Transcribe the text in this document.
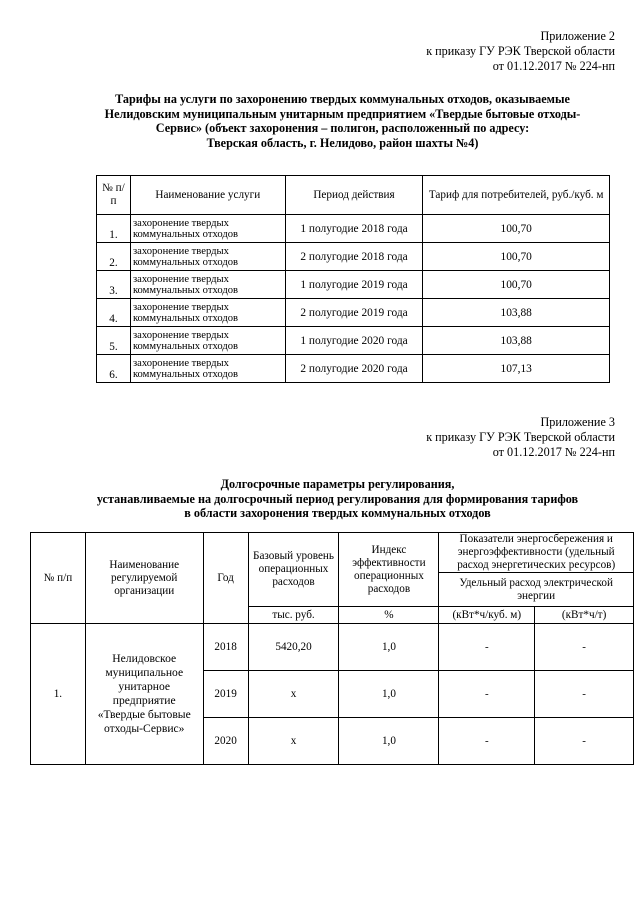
Приложение 2
к приказу ГУ РЭК Тверской области
от 01.12.2017 № 224-нп
Тарифы на услуги по захоронению твердых коммунальных отходов, оказываемые
Нелидовским муниципальным унитарным предприятием «Твердые бытовые отходы-
Сервис» (объект захоронения – полигон, расположенный по адресу:
Тверская область, г. Нелидово, район шахты №4)
№ п/п	Наименование услуги	Период действия	Тариф для потребителей, руб./куб. м
1.	захоронение твердых коммунальных отходов	1 полугодие 2018 года	100,70
2.	захоронение твердых коммунальных отходов	2 полугодие 2018 года	100,70
3.	захоронение твердых коммунальных отходов	1 полугодие 2019 года	100,70
4.	захоронение твердых коммунальных отходов	2 полугодие 2019 года	103,88
5.	захоронение твердых коммунальных отходов	1 полугодие 2020 года	103,88
6.	захоронение твердых коммунальных отходов	2 полугодие 2020 года	107,13
Приложение 3
к приказу ГУ РЭК Тверской области
от 01.12.2017 № 224-нп
Долгосрочные параметры регулирования,
устанавливаемые на долгосрочный период регулирования для формирования тарифов
в области захоронения твердых коммунальных отходов
№ п/п	Наименование регулируемой организации	Год	Базовый уровень операционных расходов	Индекс эффективности операционных расходов	Показатели энергосбережения и энергоэффективности (удельный расход энергетических ресурсов)	
					Удельный расход электрической энергии	
			тыс. руб.	%	(кВт*ч/куб. м)	(кВт*ч/т)
1.	Нелидовское муниципальное унитарное предприятие «Твердые бытовые отходы-Сервис»	2018	5420,20	1,0	-	-
		2019	х	1,0	-	-
		2020	х	1,0	-	-
